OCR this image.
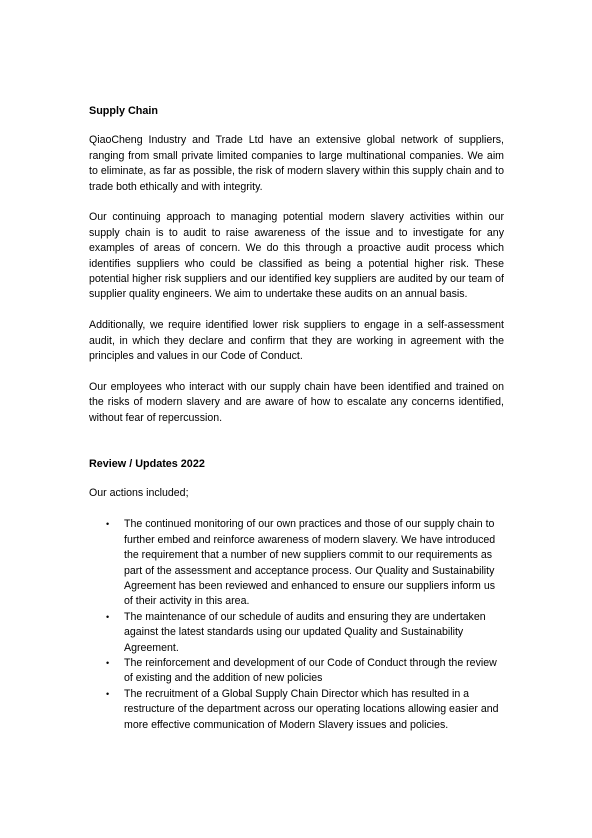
Supply Chain

QiaoCheng Industry and Trade Ltd have an extensive global network of suppliers, ranging from small private limited companies to large multinational companies. We aim to eliminate, as far as possible, the risk of modern slavery within this supply chain and to trade both ethically and with integrity.

Our continuing approach to managing potential modern slavery activities within our supply chain is to audit to raise awareness of the issue and to investigate for any examples of areas of concern. We do this through a proactive audit process which identifies suppliers who could be classified as being a potential higher risk. These potential higher risk suppliers and our identified key suppliers are audited by our team of supplier quality engineers. We aim to undertake these audits on an annual basis.

Additionally, we require identified lower risk suppliers to engage in a self-assessment audit, in which they declare and confirm that they are working in agreement with the principles and values in our Code of Conduct.

Our employees who interact with our supply chain have been identified and trained on the risks of modern slavery and are aware of how to escalate any concerns identified, without fear of repercussion.

Review / Updates 2022

Our actions included;

• The continued monitoring of our own practices and those of our supply chain to further embed and reinforce awareness of modern slavery. We have introduced the requirement that a number of new suppliers commit to our requirements as part of the assessment and acceptance process. Our Quality and Sustainability Agreement has been reviewed and enhanced to ensure our suppliers inform us of their activity in this area.
• The maintenance of our schedule of audits and ensuring they are undertaken against the latest standards using our updated Quality and Sustainability Agreement.
• The reinforcement and development of our Code of Conduct through the review of existing and the addition of new policies
• The recruitment of a Global Supply Chain Director which has resulted in a restructure of the department across our operating locations allowing easier and more effective communication of Modern Slavery issues and policies.
